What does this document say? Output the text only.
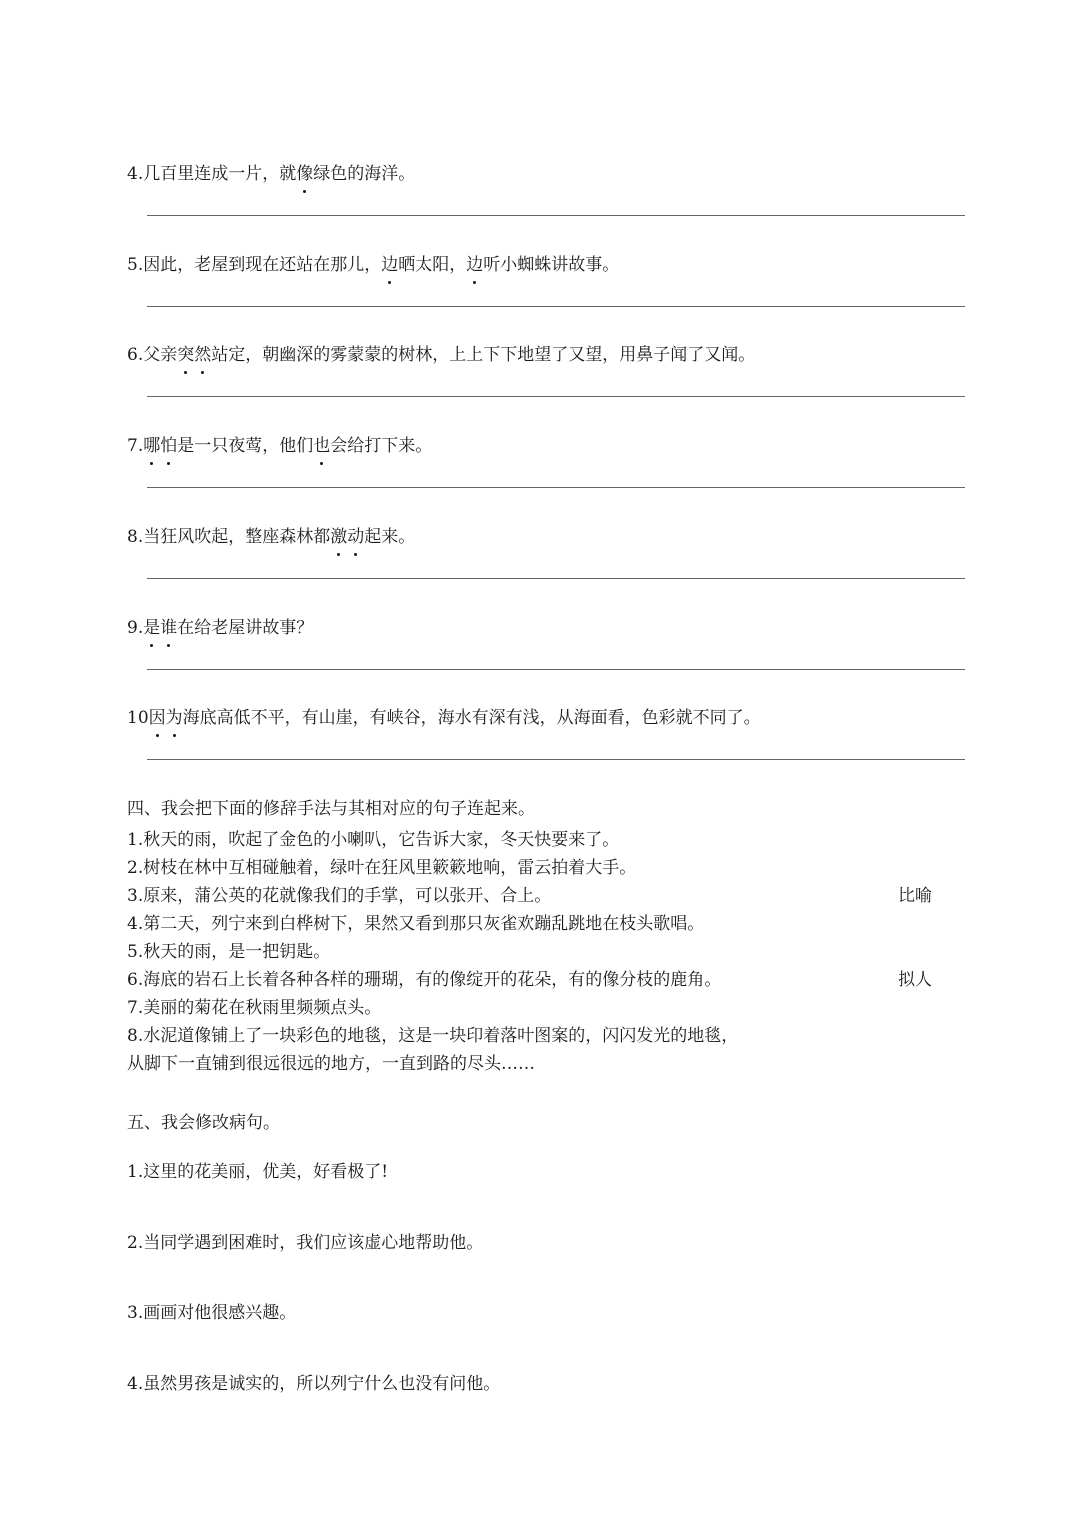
4.几百里连成一片，就像绿色的海洋。
5.因此，老屋到现在还站在那儿，边晒太阳，边听小蜘蛛讲故事。
6.父亲突然站定，朝幽深的雾蒙蒙的树林，上上下下地望了又望，用鼻子闻了又闻。
7.哪怕是一只夜莺，他们也会给打下来。
8.当狂风吹起，整座森林都激动起来。
9.是谁在给老屋讲故事？
10因为海底高低不平，有山崖，有峡谷，海水有深有浅，从海面看，色彩就不同了。
四、我会把下面的修辞手法与其相对应的句子连起来。
1.秋天的雨，吹起了金色的小喇叭，它告诉大家，冬天快要来了。
2.树枝在林中互相碰触着，绿叶在狂风里簌簌地响，雷云拍着大手。
3.原来，蒲公英的花就像我们的手掌，可以张开、合上。
4.第二天，列宁来到白桦树下，果然又看到那只灰雀欢蹦乱跳地在枝头歌唱。
5.秋天的雨，是一把钥匙。
6.海底的岩石上长着各种各样的珊瑚，有的像绽开的花朵，有的像分枝的鹿角。
7.美丽的菊花在秋雨里频频点头。
8.水泥道像铺上了一块彩色的地毯，这是一块印着落叶图案的，闪闪发光的地毯，
从脚下一直铺到很远很远的地方，一直到路的尽头……
比喻
拟人
五、我会修改病句。
1.这里的花美丽，优美，好看极了!
2.当同学遇到困难时，我们应该虚心地帮助他。
3.画画对他很感兴趣。
4.虽然男孩是诚实的，所以列宁什么也没有问他。
